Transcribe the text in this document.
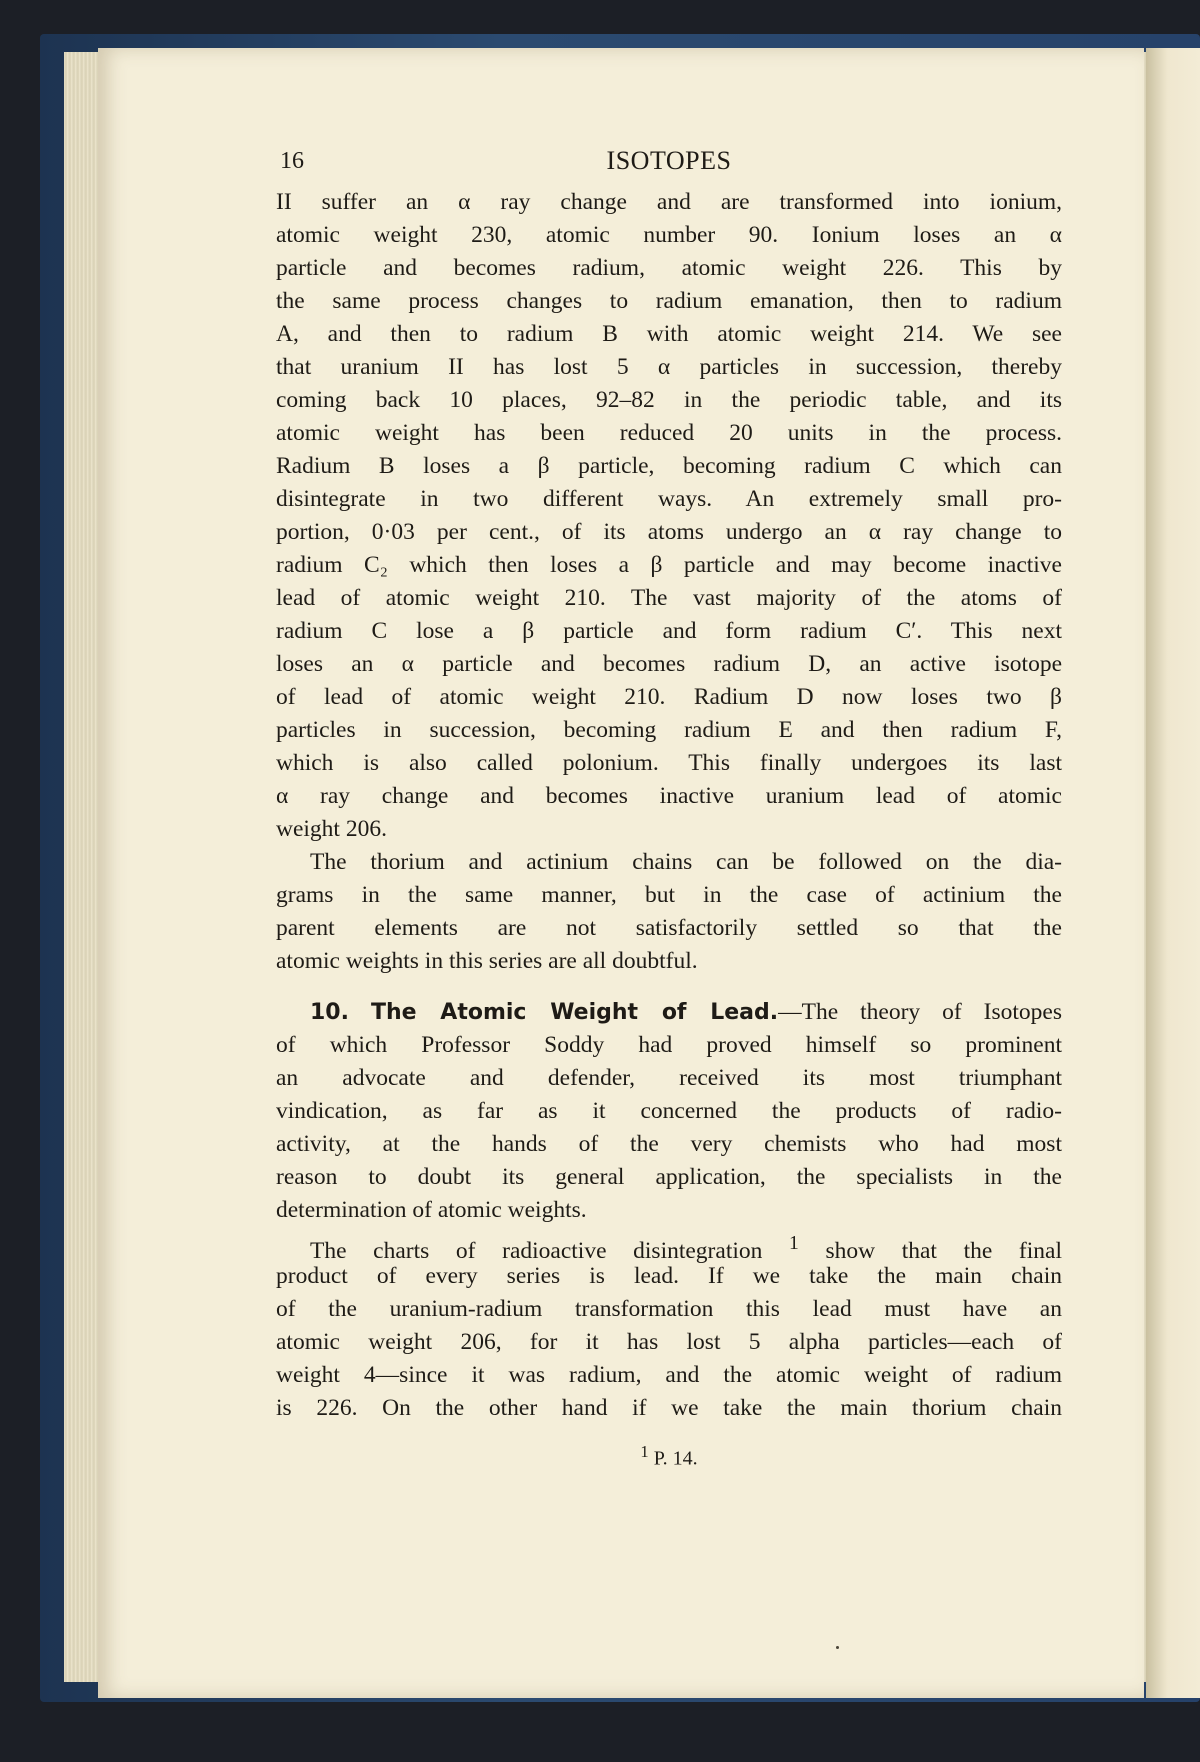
16	ISOTOPES
II suffer an α ray change and are transformed into ionium,
atomic weight 230, atomic number 90. Ionium loses an α
particle and becomes radium, atomic weight 226. This by
the same process changes to radium emanation, then to radium
A, and then to radium B with atomic weight 214. We see
that uranium II has lost 5 α particles in succession, thereby
coming back 10 places, 92–82 in the periodic table, and its
atomic weight has been reduced 20 units in the process.
Radium B loses a β particle, becoming radium C which can
disintegrate in two different ways. An extremely small pro-
portion, 0·03 per cent., of its atoms undergo an α ray change to
radium C₂ which then loses a β particle and may become inactive
lead of atomic weight 210. The vast majority of the atoms of
radium C lose a β particle and form radium C′. This next
loses an α particle and becomes radium D, an active isotope
of lead of atomic weight 210. Radium D now loses two β
particles in succession, becoming radium E and then radium F,
which is also called polonium. This finally undergoes its last
α ray change and becomes inactive uranium lead of atomic
weight 206.
The thorium and actinium chains can be followed on the dia-
grams in the same manner, but in the case of actinium the
parent elements are not satisfactorily settled so that the
atomic weights in this series are all doubtful.
10. The Atomic Weight of Lead.—The theory of Isotopes
of which Professor Soddy had proved himself so prominent
an advocate and defender, received its most triumphant
vindication, as far as it concerned the products of radio-
activity, at the hands of the very chemists who had most
reason to doubt its general application, the specialists in the
determination of atomic weights.
The charts of radioactive disintegration $^1$ show that the final
product of every series is lead. If we take the main chain
of the uranium-radium transformation this lead must have an
atomic weight 206, for it has lost 5 alpha particles—each of
weight 4—since it was radium, and the atomic weight of radium
is 226. On the other hand if we take the main thorium chain
$^1$ P. 14.
